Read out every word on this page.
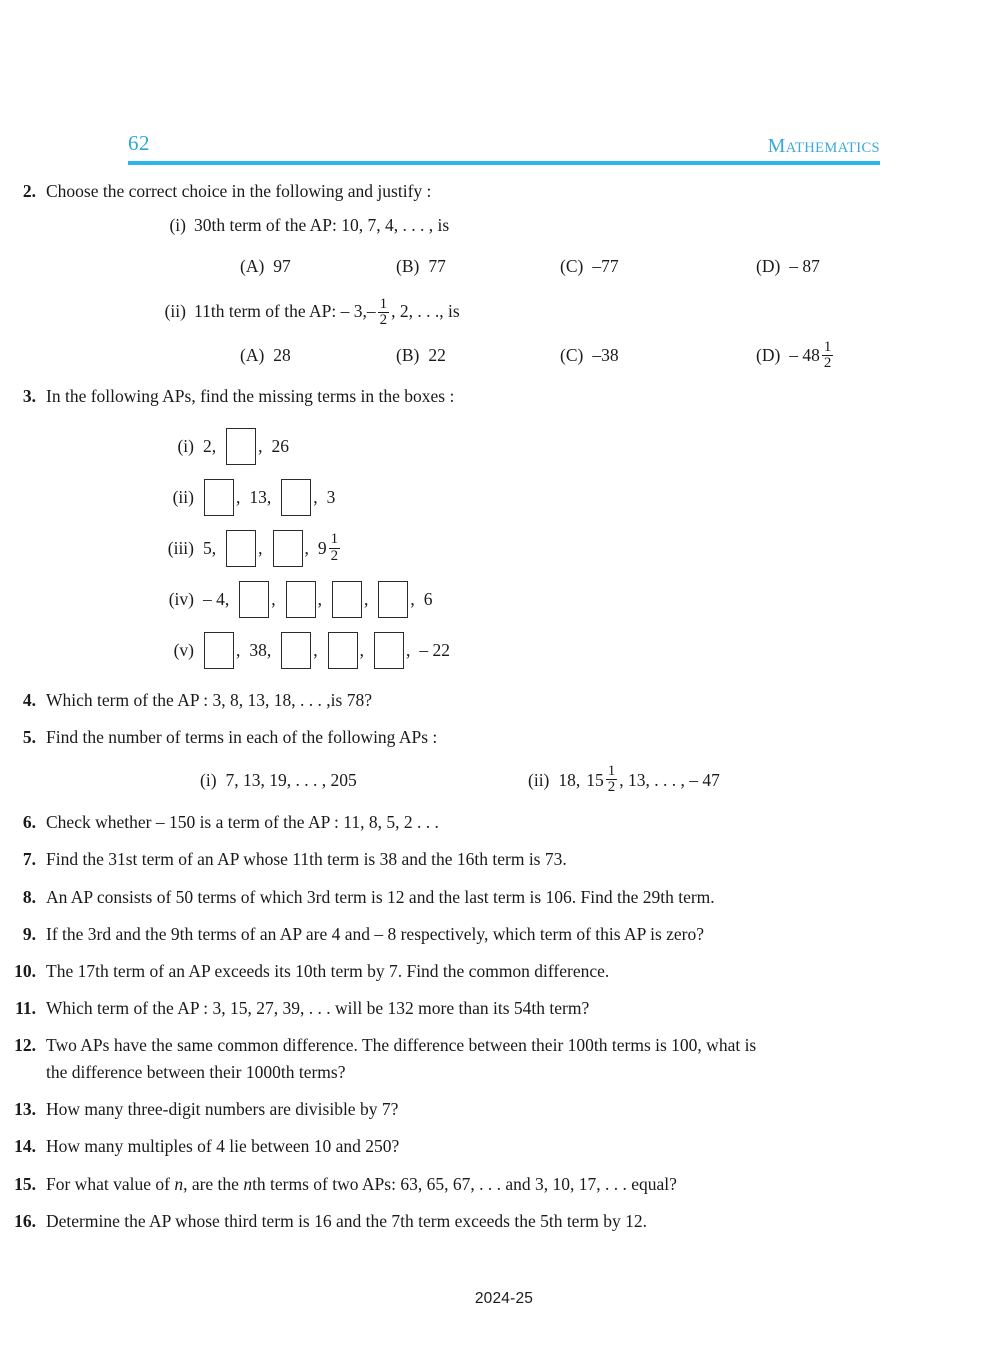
62	MATHEMATICS
2. Choose the correct choice in the following and justify :
(i) 30th term of the AP: 10, 7, 4, . . . , is
(A) 97	(B) 77	(C) –77	(D) – 87
(ii) 11th term of the AP: – $3,- \frac{1}{2}$ , 2, . . ., is
(A) 28	(B) 22	(C) –38	$(D) - 48 \frac{1}{2}$
3. In the following APs, find the missing terms in the boxes :
(i) 2, , 26
(ii)	, 13, , 3
(iii) 5, , , $9 \frac{1}{2}$
(iv) – 4, , , , , 6
(v)	, 38, , , , – 22
4. Which term of the AP : 3, 8, 13, 18, . . . ,is 78?
5. Find the number of terms in each of the following APs :
(i) 7, 13, 19, . . . , 205	(ii) 18, $15 \frac{1}{2}$ , 13, . . . , – 47
6. Check whether – 150 is a term of the AP : 11, 8, 5, 2 . . .
7. Find the 31st term of an AP whose 11th term is 38 and the 16th term is 73.
8. An AP consists of 50 terms of which 3rd term is 12 and the last term is 106. Find the 29th term.
9. If the 3rd and the 9th terms of an AP are 4 and – 8 respectively, which term of this AP is zero?
10. The 17th term of an AP exceeds its 10th term by 7. Find the common difference.
11. Which term of the AP : 3, 15, 27, 39, . . . will be 132 more than its 54th term?
12. Two APs have the same common difference. The difference between their 100th terms is 100, what is the difference between their 1000th terms?
13. How many three-digit numbers are divisible by 7?
14. How many multiples of 4 lie between 10 and 250?
15. For what value of n, are the nth terms of two APs: 63, 65, 67, . . . and 3, 10, 17, . . . equal?
16. Determine the AP whose third term is 16 and the 7th term exceeds the 5th term by 12.
2024-25
